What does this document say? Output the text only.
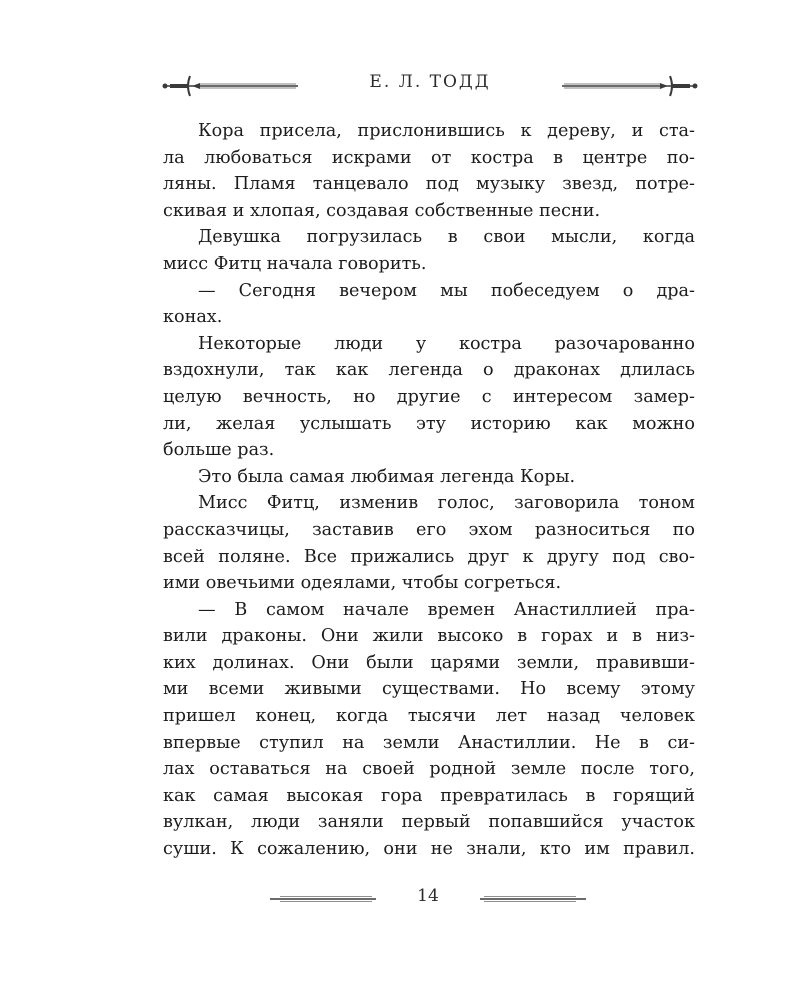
Е. Л. ТОДД
Кора присела, прислонившись к дереву, и ста-
ла любоваться искрами от костра в центре по-
ляны. Пламя танцевало под музыку звезд, потре-
скивая и хлопая, создавая собственные песни.
Девушка погрузилась в свои мысли, когда
мисс Фитц начала говорить.
— Сегодня вечером мы побеседуем о дра-
конах.
Некоторые люди у костра разочарованно
вздохнули, так как легенда о драконах длилась
целую вечность, но другие с интересом замер-
ли, желая услышать эту историю как можно
больше раз.
Это была самая любимая легенда Коры.
Мисс Фитц, изменив голос, заговорила тоном
рассказчицы, заставив его эхом разноситься по
всей поляне. Все прижались друг к другу под сво-
ими овечьими одеялами, чтобы согреться.
— В самом начале времен Анастиллией пра-
вили драконы. Они жили высоко в горах и в низ-
ких долинах. Они были царями земли, правивши-
ми всеми живыми существами. Но всему этому
пришел конец, когда тысячи лет назад человек
впервые ступил на земли Анастиллии. Не в си-
лах оставаться на своей родной земле после того,
как самая высокая гора превратилась в горящий
вулкан, люди заняли первый попавшийся участок
суши. К сожалению, они не знали, кто им правил.
14
